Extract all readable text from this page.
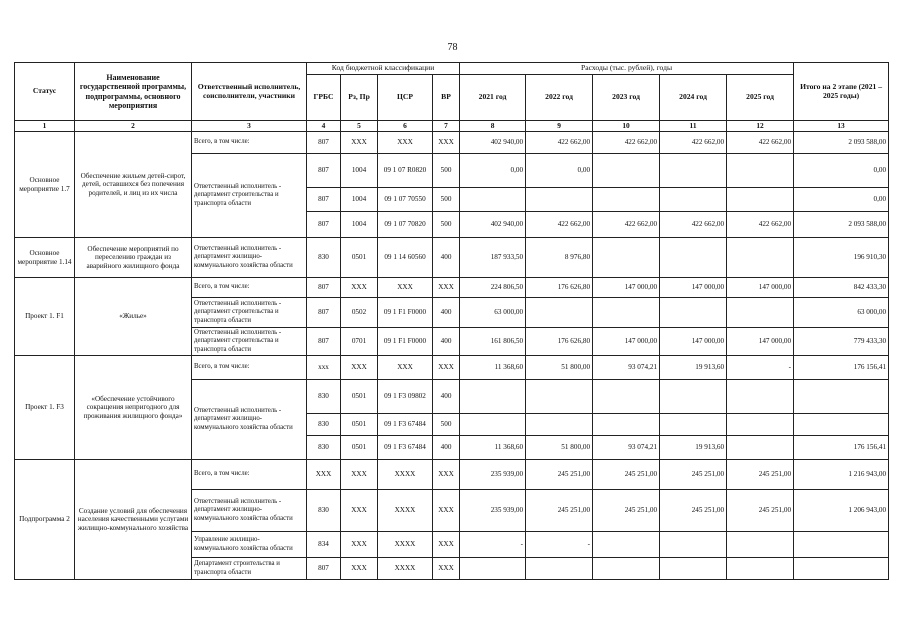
78
Статус	Наименование государственной программы, подпрограммы, основного мероприятия	Ответственный исполнитель, соисполнители, участники	Код бюджетной классификации				Расходы (тыс. рублей), годы					Итого на 2 этапе (2021 – 2025 годы)
			ГРБС	Рз, Пр	ЦСР	ВР	2021 год	2022 год	2023 год	2024 год	2025 год	
1	2	3	4	5	6	7	8	9	10	11	12	13
Основное мероприятие 1.7	Обеспечение жильем детей-сирот, детей, оставшихся без попечения родителей, и лиц из их числа	Всего, в том числе:	807	ХХХ	ХХХ	ХХХ	402 940,00	422 662,00	422 662,00	422 662,00	422 662,00	2 093 588,00
		Ответственный исполнитель - департамент строительства и транспорта области	807	1004	09 1 07 R0820	500	0,00	0,00				0,00
			807	1004	09 1 07 70550	500						0,00
			807	1004	09 1 07 70820	500	402 940,00	422 662,00	422 662,00	422 662,00	422 662,00	2 093 588,00
Основное мероприятие 1.14	Обеспечение мероприятий по переселению граждан из аварийного жилищного фонда	Ответственный исполнитель - департамент жилищно-коммунального хозяйства области	830	0501	09 1 14 60560	400	187 933,50	8 976,80				196 910,30
Проект 1. F1	«Жилье»	Всего, в том числе:	807	ХХХ	ХХХ	ХХХ	224 806,50	176 626,80	147 000,00	147 000,00	147 000,00	842 433,30
		Ответственный исполнитель - департамент строительства и транспорта области	807	0502	09 1 F1 F0000	400	63 000,00					63 000,00
		Ответственный исполнитель - департамент строительства и транспорта области	807	0701	09 1 F1 F0000	400	161 806,50	176 626,80	147 000,00	147 000,00	147 000,00	779 433,30
Проект 1. F3	«Обеспечение устойчивого сокращения непригодного для проживания жилищного фонда»	Всего, в том числе:	ххх	ХХХ	ХХХ	ХХХ	11 368,60	51 800,00	93 074,21	19 913,60	-	176 156,41
		Ответственный исполнитель - департамент жилищно-коммунального хозяйства области	830	0501	09 1 F3 09802	400						
			830	0501	09 1 F3 67484	500						
			830	0501	09 1 F3 67484	400	11 368,60	51 800,00	93 074,21	19 913,60		176 156,41
Подпрограмма 2	Создание условий для обеспечения населения качественными услугами жилищно-коммунального хозяйства	Всего, в том числе:	ХХХ	ХХХ	ХХХХ	ХХХ	235 939,00	245 251,00	245 251,00	245 251,00	245 251,00	1 216 943,00
		Ответственный исполнитель - департамент жилищно-коммунального хозяйства области	830	ХХХ	ХХХХ	ХХХ	235 939,00	245 251,00	245 251,00	245 251,00	245 251,00	1 206 943,00
		Управление жилищно-коммунального хозяйства области	834	ХХХ	ХХХХ	ХХХ	-	-				
		Департамент строительства и транспорта области	807	ХХХ	ХХХХ	ХХХ						
